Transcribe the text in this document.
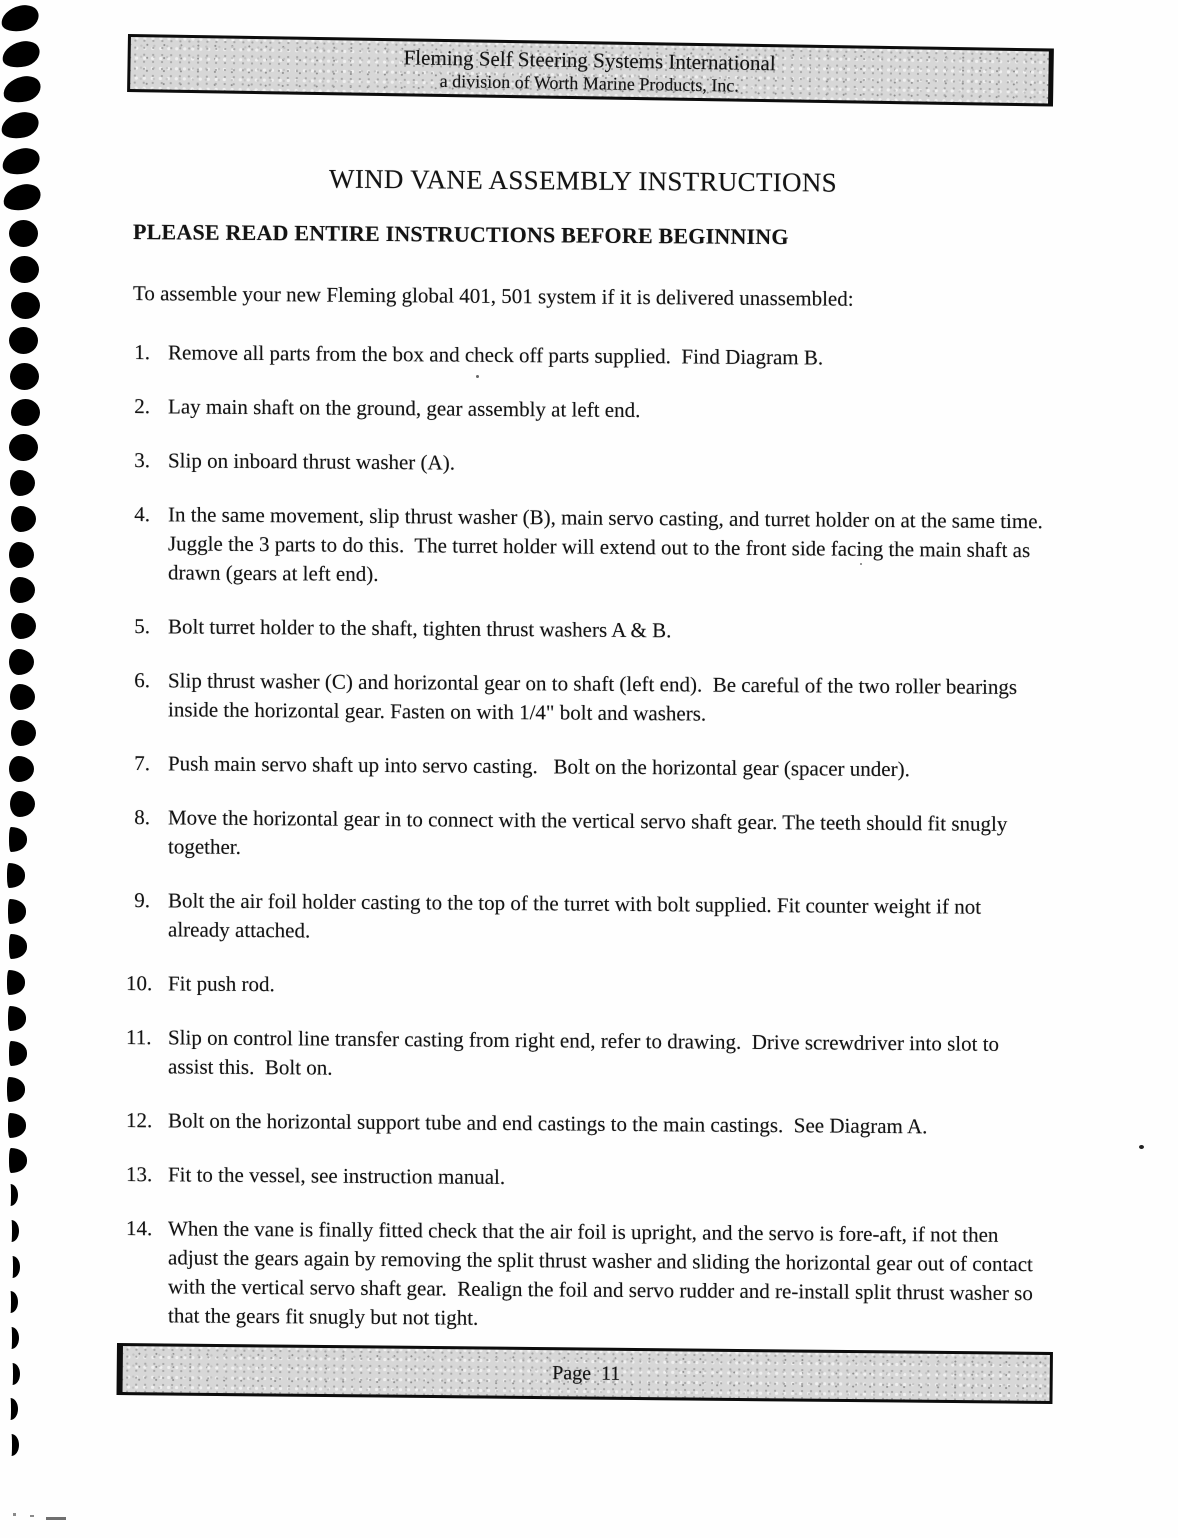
Fleming Self Steering Systems International
a division of Worth Marine Products, Inc.
WIND VANE ASSEMBLY INSTRUCTIONS
PLEASE READ ENTIRE INSTRUCTIONS BEFORE BEGINNING

To assemble your new Fleming global 401, 501 system if it is delivered unassembled:

1. Remove all parts from the box and check off parts supplied.  Find Diagram B.
2. Lay main shaft on the ground, gear assembly at left end.
3. Slip on inboard thrust washer (A).
4. In the same movement, slip thrust washer (B), main servo casting, and turret holder on at the same time.  Juggle the 3 parts to do this.  The turret holder will extend out to the front side facing the main shaft as drawn (gears at left end).
5. Bolt turret holder to the shaft, tighten thrust washers A & B.
6. Slip thrust washer (C) and horizontal gear on to shaft (left end).  Be careful of the two roller bearings inside the horizontal gear. Fasten on with 1/4" bolt and washers.
7. Push main servo shaft up into servo casting.   Bolt on the horizontal gear (spacer under).
8. Move the horizontal gear in to connect with the vertical servo shaft gear. The teeth should fit snugly together.
9. Bolt the air foil holder casting to the top of the turret with bolt supplied. Fit counter weight if not already attached.
10. Fit push rod.
11. Slip on control line transfer casting from right end, refer to drawing.  Drive screwdriver into slot to assist this.  Bolt on.
12. Bolt on the horizontal support tube and end castings to the main castings.  See Diagram A.
13. Fit to the vessel, see instruction manual.
14. When the vane is finally fitted check that the air foil is upright, and the servo is fore-aft, if not then adjust the gears again by removing the split thrust washer and sliding the horizontal gear out of contact with the vertical servo shaft gear.  Realign the foil and servo rudder and re-install split thrust washer so that the gears fit snugly but not tight.
Page  11
